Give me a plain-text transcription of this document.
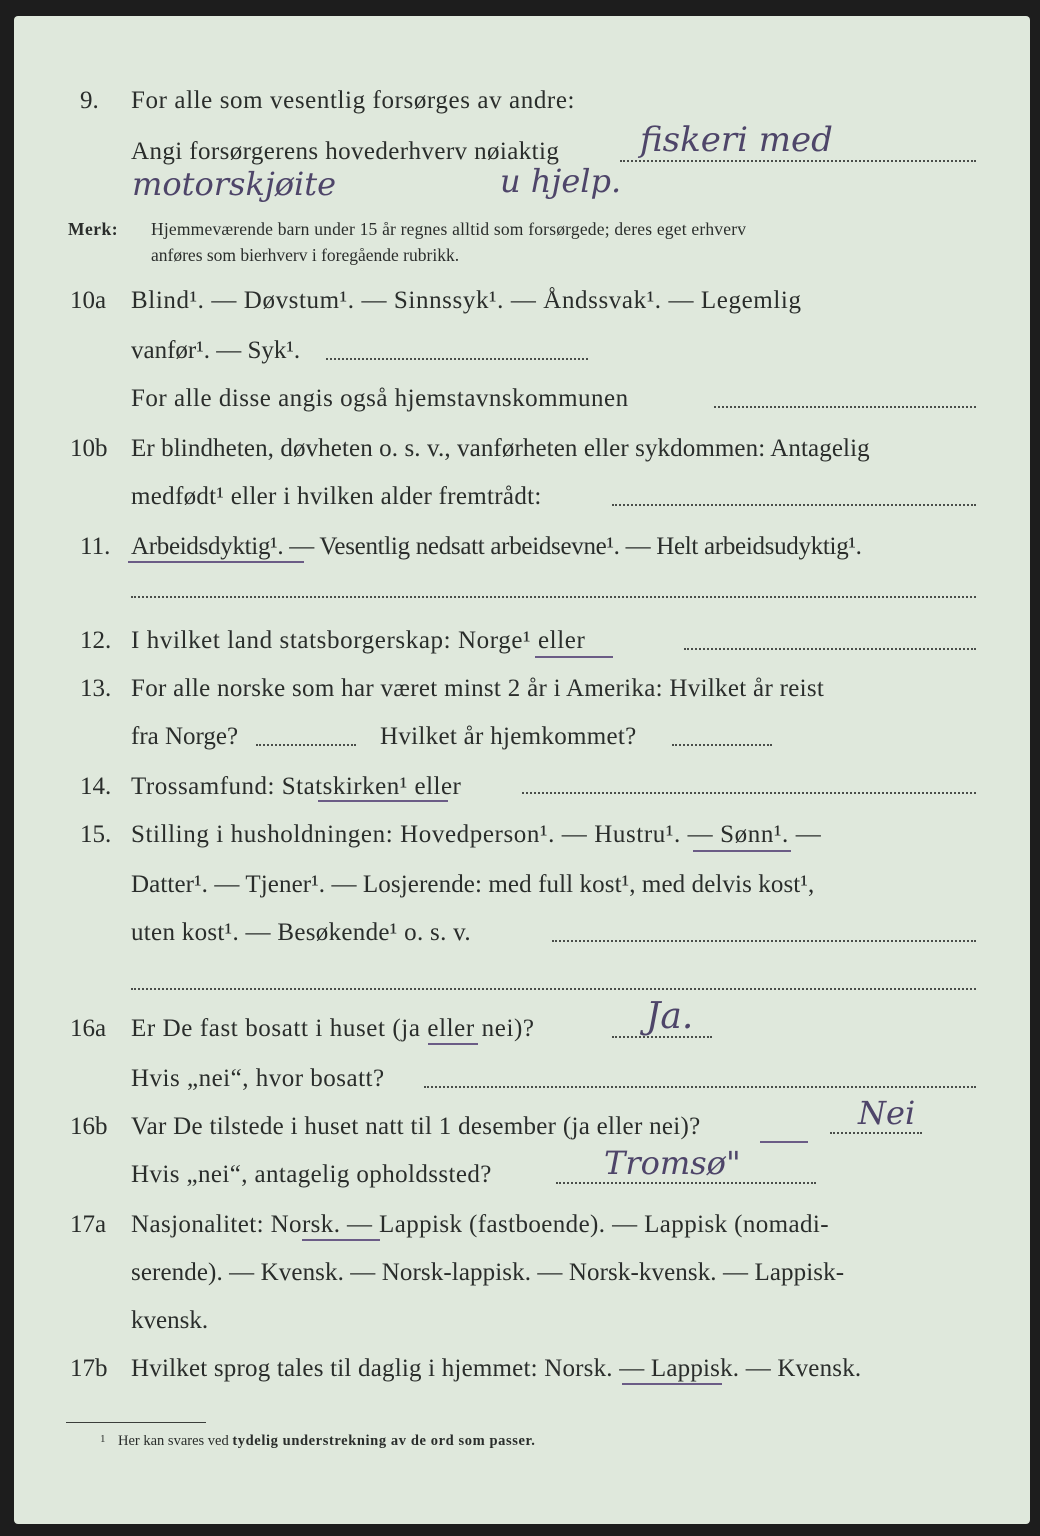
9. For alle som vesentlig forsørges av andre:
Angi forsørgerens hovederhverv nøiaktig fiskeri med
motorskjøite	u hjelp.
Merk: Hjemmeværende barn under 15 år regnes alltid som forsørgede; deres eget erhverv
anføres som bierhverv i foregående rubrikk.
10a Blind¹. — Døvstum¹. — Sinnssyk¹. — Åndssvak¹. — Legemlig
vanfør¹. — Syk¹.
For alle disse angis også hjemstavnskommunen
10b Er blindheten, døvheten o. s. v., vanførheten eller sykdommen: Antagelig
medfødt¹ eller i hvilken alder fremtrådt:
11. Arbeidsdyktig¹. — Vesentlig nedsatt arbeidsevne¹. — Helt arbeidsudyktig¹.
12. I hvilket land statsborgerskap: Norge¹ eller
13. For alle norske som har været minst 2 år i Amerika: Hvilket år reist
fra Norge?	Hvilket år hjemkommet?
14. Trossamfund: Statskirken¹ eller
15. Stilling i husholdningen: Hovedperson¹. — Hustru¹. — Sønn¹. —
Datter¹. — Tjener¹. — Losjerende: med full kost¹, med delvis kost¹,
uten kost¹. — Besøkende¹ o. s. v.
16a Er De fast bosatt i huset (ja eller nei)?	Ja.
Hvis „nei“, hvor bosatt?
16b Var De tilstede i huset natt til 1 desember (ja eller nei)?	Nei
Hvis „nei“, antagelig opholdssted?	Tromsø"
17a Nasjonalitet: Norsk. — Lappisk (fastboende). — Lappisk (nomadi-
serende). — Kvensk. — Norsk-lappisk. — Norsk-kvensk. — Lappisk-
kvensk.
17b Hvilket sprog tales til daglig i hjemmet: Norsk. — Lappisk. — Kvensk.
1 Her kan svares ved tydelig understrekning av de ord som passer.
